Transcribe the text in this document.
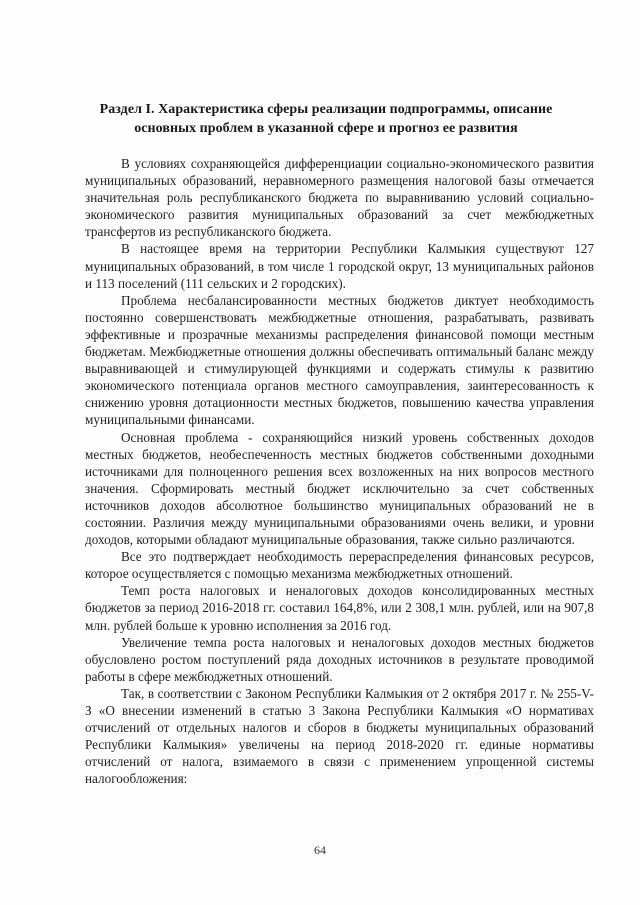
Раздел I. Характеристика сферы реализации подпрограммы, описание
основных проблем в указанной сфере и прогноз ее развития

В условиях сохраняющейся дифференциации социально-экономического развития муниципальных образований, неравномерного размещения налоговой базы отмечается значительная роль республиканского бюджета по выравниванию условий социально-экономического развития муниципальных образований за счет межбюджетных трансфертов из республиканского бюджета.

В настоящее время на территории Республики Калмыкия существуют 127 муниципальных образований, в том числе 1 городской округ, 13 муниципальных районов и 113 поселений (111 сельских и 2 городских).

Проблема несбалансированности местных бюджетов диктует необходимость постоянно совершенствовать межбюджетные отношения, разрабатывать, развивать эффективные и прозрачные механизмы распределения финансовой помощи местным бюджетам. Межбюджетные отношения должны обеспечивать оптимальный баланс между выравнивающей и стимулирующей функциями и содержать стимулы к развитию экономического потенциала органов местного самоуправления, заинтересованность к снижению уровня дотационности местных бюджетов, повышению качества управления муниципальными финансами.

Основная проблема - сохраняющийся низкий уровень собственных доходов местных бюджетов, необеспеченность местных бюджетов собственными доходными источниками для полноценного решения всех возложенных на них вопросов местного значения. Сформировать местный бюджет исключительно за счет собственных источников доходов абсолютное большинство муниципальных образований не в состоянии. Различия между муниципальными образованиями очень велики, и уровни доходов, которыми обладают муниципальные образования, также сильно различаются.

Все это подтверждает необходимость перераспределения финансовых ресурсов, которое осуществляется с помощью механизма межбюджетных отношений.

Темп роста налоговых и неналоговых доходов консолидированных местных бюджетов за период 2016-2018 гг. составил 164,8%, или 2 308,1 млн. рублей, или на 907,8 млн. рублей больше к уровню исполнения за 2016 год.

Увеличение темпа роста налоговых и неналоговых доходов местных бюджетов обусловлено ростом поступлений ряда доходных источников в результате проводимой работы в сфере межбюджетных отношений.

Так, в соответствии с Законом Республики Калмыкия от 2 октября 2017 г. № 255-V-З «О внесении изменений в статью 3 Закона Республики Калмыкия «О нормативах отчислений от отдельных налогов и сборов в бюджеты муниципальных образований Республики Калмыкия» увеличены на период 2018-2020 гг. единые нормативы отчислений от налога, взимаемого в связи с применением упрощенной системы налогообложения:

64
